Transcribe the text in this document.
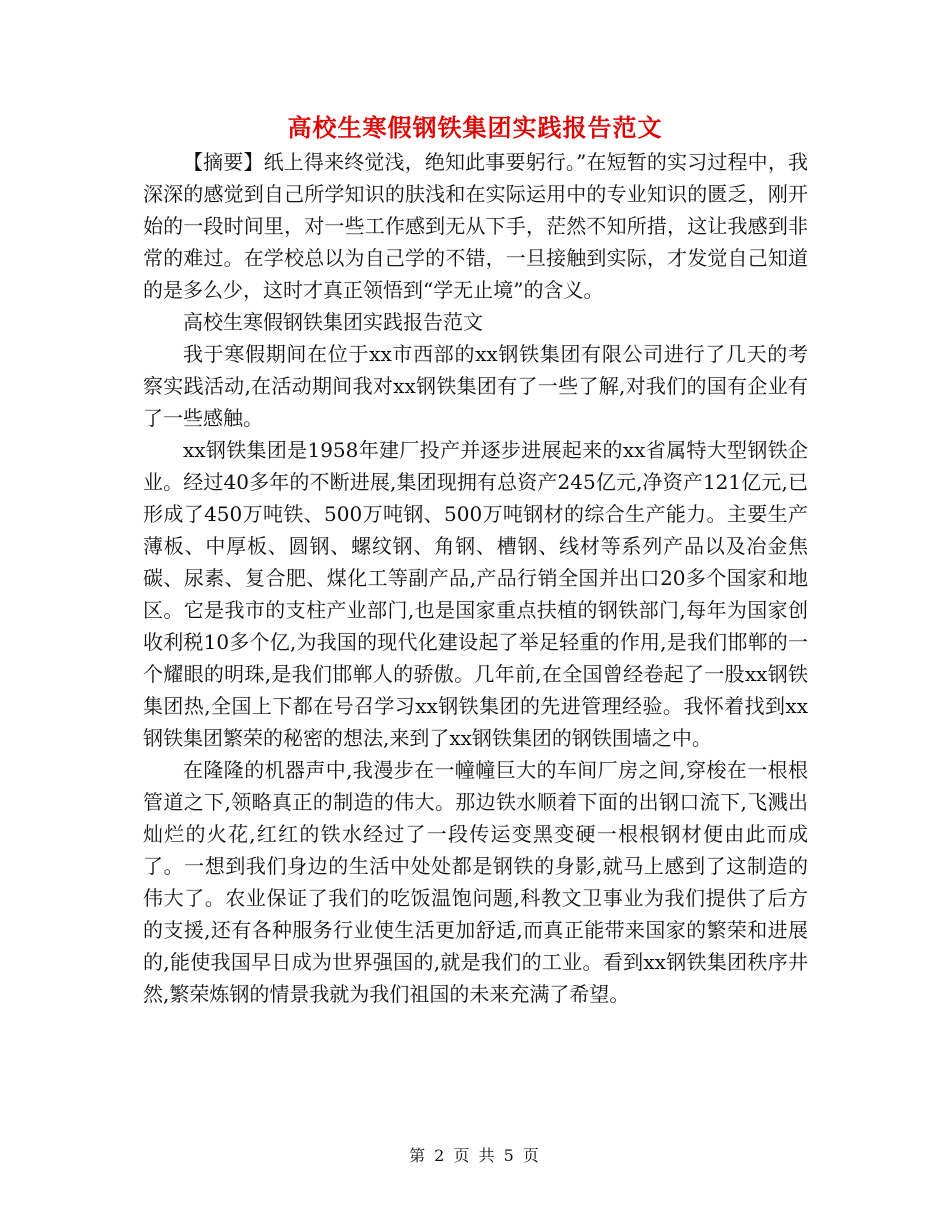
高校生寒假钢铁集团实践报告范文

【摘要】纸上得来终觉浅，绝知此事要躬行。”在短暂的实习过程中，我深深的感觉到自己所学知识的肤浅和在实际运用中的专业知识的匮乏，刚开始的一段时间里，对一些工作感到无从下手，茫然不知所措，这让我感到非常的难过。在学校总以为自己学的不错，一旦接触到实际，才发觉自己知道的是多么少，这时才真正领悟到“学无止境”的含义。

高校生寒假钢铁集团实践报告范文

我于寒假期间在位于xx市西部的xx钢铁集团有限公司进行了几天的考察实践活动,在活动期间我对xx钢铁集团有了一些了解,对我们的国有企业有了一些感触。

xx钢铁集团是1958年建厂投产并逐步进展起来的xx省属特大型钢铁企业。经过40多年的不断进展,集团现拥有总资产245亿元,净资产121亿元,已形成了450万吨铁、500万吨钢、500万吨钢材的综合生产能力。主要生产薄板、中厚板、圆钢、螺纹钢、角钢、槽钢、线材等系列产品以及冶金焦碳、尿素、复合肥、煤化工等副产品,产品行销全国并出口20多个国家和地区。它是我市的支柱产业部门,也是国家重点扶植的钢铁部门,每年为国家创收利税10多个亿,为我国的现代化建设起了举足轻重的作用,是我们邯郸的一个耀眼的明珠,是我们邯郸人的骄傲。几年前,在全国曾经卷起了一股xx钢铁集团热,全国上下都在号召学习xx钢铁集团的先进管理经验。我怀着找到xx钢铁集团繁荣的秘密的想法,来到了xx钢铁集团的钢铁围墙之中。

在隆隆的机器声中,我漫步在一幢幢巨大的车间厂房之间,穿梭在一根根管道之下,领略真正的制造的伟大。那边铁水顺着下面的出钢口流下,飞溅出灿烂的火花,红红的铁水经过了一段传运变黑变硬一根根钢材便由此而成了。一想到我们身边的生活中处处都是钢铁的身影,就马上感到了这制造的伟大了。农业保证了我们的吃饭温饱问题,科教文卫事业为我们提供了后方的支援,还有各种服务行业使生活更加舒适,而真正能带来国家的繁荣和进展的,能使我国早日成为世界强国的,就是我们的工业。看到xx钢铁集团秩序井然,繁荣炼钢的情景我就为我们祖国的未来充满了希望。

第 2 页 共 5 页
